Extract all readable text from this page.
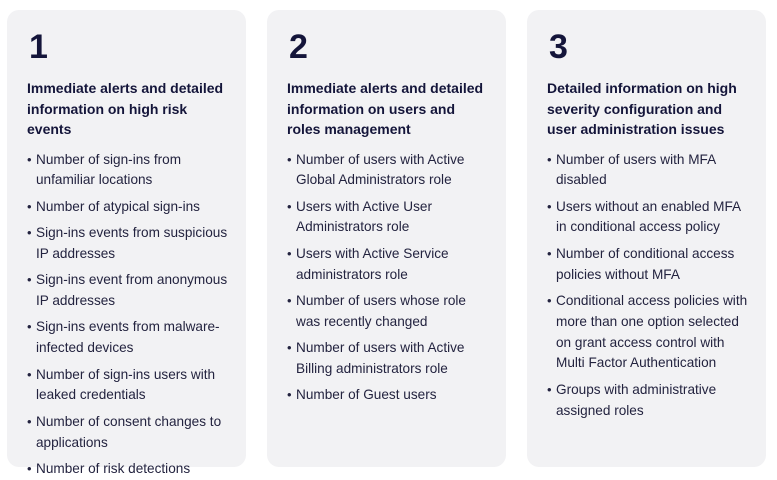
1
Immediate alerts and detailed information on high risk events
• Number of sign-ins from unfamiliar locations
• Number of atypical sign-ins
• Sign-ins events from suspicious IP addresses
• Sign-ins event from anonymous IP addresses
• Sign-ins events from malware-infected devices
• Number of sign-ins users with leaked credentials
• Number of consent changes to applications
• Number of risk detections
2
Immediate alerts and detailed information on users and roles management
• Number of users with Active Global Administrators role
• Users with Active User Administrators role
• Users with Active Service administrators role
• Number of users whose role was recently changed
• Number of users with Active Billing administrators role
• Number of Guest users
3
Detailed information on high severity configuration and user administration issues
• Number of users with MFA disabled
• Users without an enabled MFA in conditional access policy
• Number of conditional access policies without MFA
• Conditional access policies with more than one option selected on grant access control with Multi Factor Authentication
• Groups with administrative assigned roles
